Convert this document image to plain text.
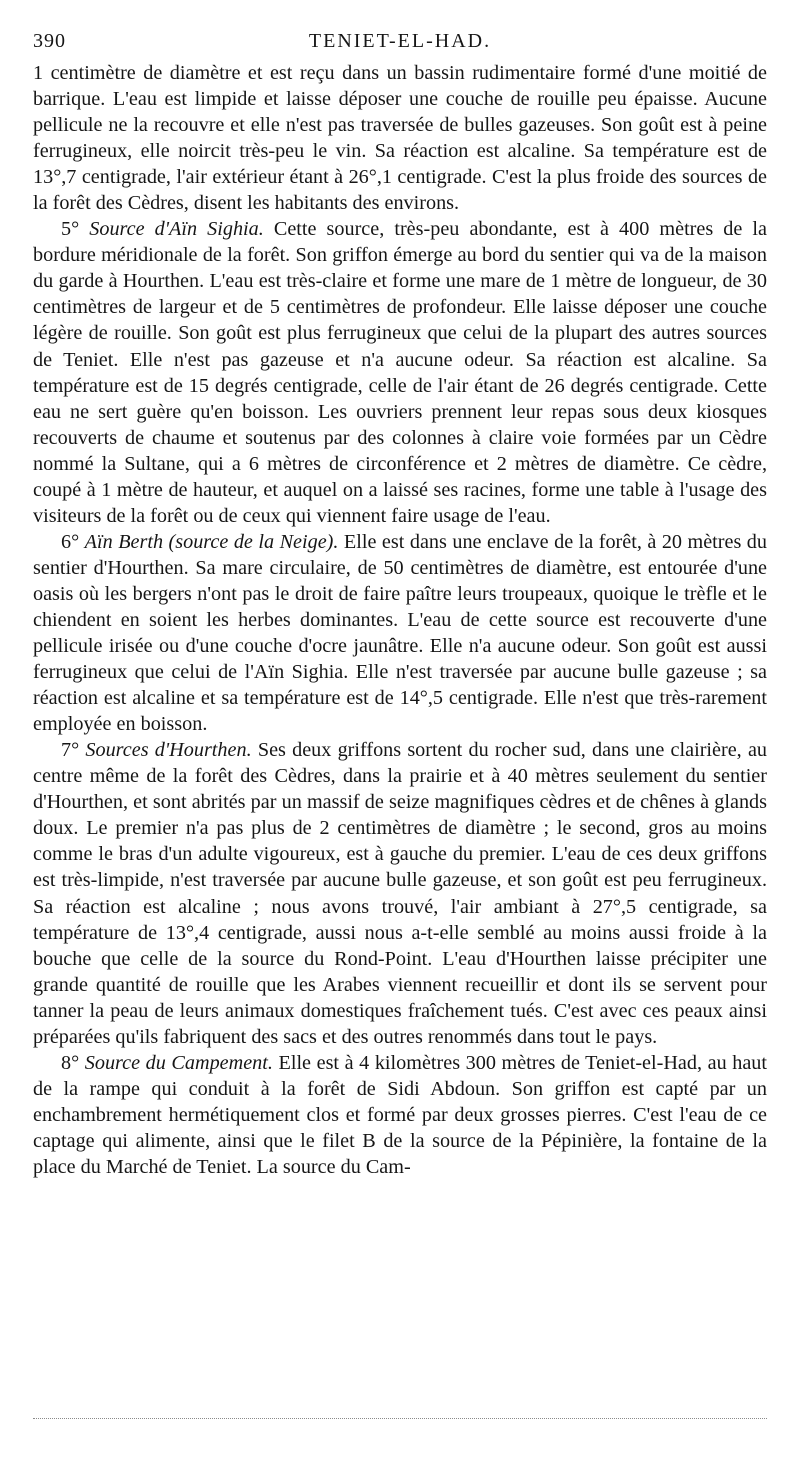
390	TENIET-EL-HAD.

1 centimètre de diamètre et est reçu dans un bassin rudimentaire formé d'une moitié de barrique. L'eau est limpide et laisse déposer une couche de rouille peu épaisse. Aucune pellicule ne la recouvre et elle n'est pas traversée de bulles gazeuses. Son goût est à peine ferrugineux, elle noircit très-peu le vin. Sa réaction est alcaline. Sa température est de 13°,7 centigrade, l'air extérieur étant à 26°,1 centigrade. C'est la plus froide des sources de la forêt des Cèdres, disent les habitants des environs.

5° Source d'Aïn Sighia. Cette source, très-peu abondante, est à 400 mètres de la bordure méridionale de la forêt. Son griffon émerge au bord du sentier qui va de la maison du garde à Hourthen. L'eau est très-claire et forme une mare de 1 mètre de longueur, de 30 centimètres de largeur et de 5 centimètres de profondeur. Elle laisse déposer une couche légère de rouille. Son goût est plus ferrugineux que celui de la plupart des autres sources de Teniet. Elle n'est pas gazeuse et n'a aucune odeur. Sa réaction est alcaline. Sa température est de 15 degrés centigrade, celle de l'air étant de 26 degrés centigrade. Cette eau ne sert guère qu'en boisson. Les ouvriers prennent leur repas sous deux kiosques recouverts de chaume et soutenus par des colonnes à claire voie formées par un Cèdre nommé la Sultane, qui a 6 mètres de circonférence et 2 mètres de diamètre. Ce cèdre, coupé à 1 mètre de hauteur, et auquel on a laissé ses racines, forme une table à l'usage des visiteurs de la forêt ou de ceux qui viennent faire usage de l'eau.

6° Aïn Berth (source de la Neige). Elle est dans une enclave de la forêt, à 20 mètres du sentier d'Hourthen. Sa mare circulaire, de 50 centimètres de diamètre, est entourée d'une oasis où les bergers n'ont pas le droit de faire paître leurs troupeaux, quoique le trèfle et le chiendent en soient les herbes dominantes. L'eau de cette source est recouverte d'une pellicule irisée ou d'une couche d'ocre jaunâtre. Elle n'a aucune odeur. Son goût est aussi ferrugineux que celui de l'Aïn Sighia. Elle n'est traversée par aucune bulle gazeuse ; sa réaction est alcaline et sa température est de 14°,5 centigrade. Elle n'est que très-rarement employée en boisson.

7° Sources d'Hourthen. Ses deux griffons sortent du rocher sud, dans une clairière, au centre même de la forêt des Cèdres, dans la prairie et à 40 mètres seulement du sentier d'Hourthen, et sont abrités par un massif de seize magnifiques cèdres et de chênes à glands doux. Le premier n'a pas plus de 2 centimètres de diamètre ; le second, gros au moins comme le bras d'un adulte vigoureux, est à gauche du premier. L'eau de ces deux griffons est très-limpide, n'est traversée par aucune bulle gazeuse, et son goût est peu ferrugineux. Sa réaction est alcaline ; nous avons trouvé, l'air ambiant à 27°,5 centigrade, sa température de 13°,4 centigrade, aussi nous a-t-elle semblé au moins aussi froide à la bouche que celle de la source du Rond-Point. L'eau d'Hourthen laisse précipiter une grande quantité de rouille que les Arabes viennent recueillir et dont ils se servent pour tanner la peau de leurs animaux domestiques fraîchement tués. C'est avec ces peaux ainsi préparées qu'ils fabriquent des sacs et des outres renommés dans tout le pays.

8° Source du Campement. Elle est à 4 kilomètres 300 mètres de Teniet-el-Had, au haut de la rampe qui conduit à la forêt de Sidi Abdoun. Son griffon est capté par un enchambrement hermétiquement clos et formé par deux grosses pierres. C'est l'eau de ce captage qui alimente, ainsi que le filet B de la source de la Pépinière, la fontaine de la place du Marché de Teniet. La source du Cam-
